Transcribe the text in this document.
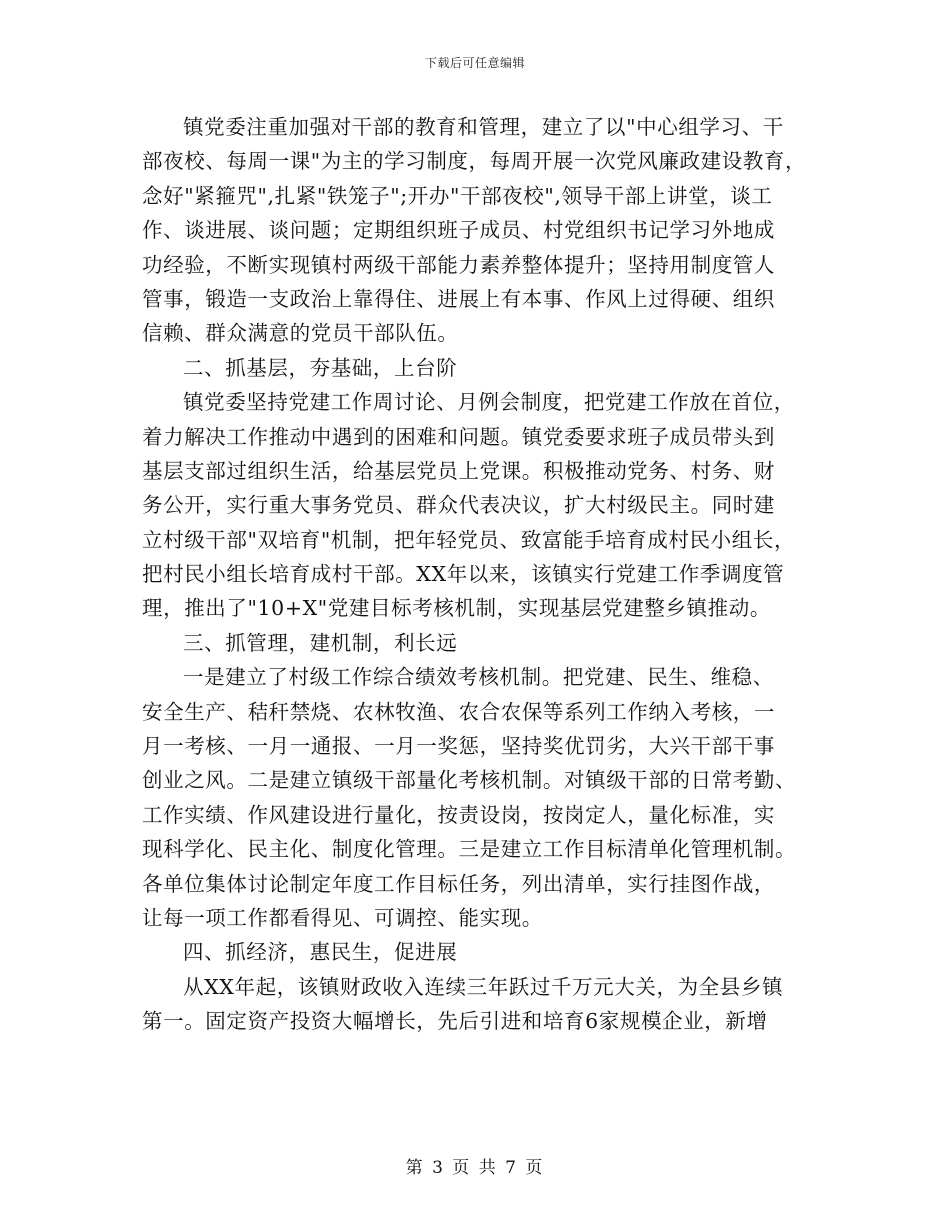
下载后可任意编辑
镇党委注重加强对干部的教育和管理，建立了以"中心组学习、干
部夜校、每周一课"为主的学习制度，每周开展一次党风廉政建设教育，
念好"紧箍咒",扎紧"铁笼子";开办"干部夜校",领导干部上讲堂，谈工
作、谈进展、谈问题；定期组织班子成员、村党组织书记学习外地成
功经验，不断实现镇村两级干部能力素养整体提升；坚持用制度管人
管事，锻造一支政治上靠得住、进展上有本事、作风上过得硬、组织
信赖、群众满意的党员干部队伍。
二、抓基层，夯基础，上台阶
镇党委坚持党建工作周讨论、月例会制度，把党建工作放在首位，
着力解决工作推动中遇到的困难和问题。镇党委要求班子成员带头到
基层支部过组织生活，给基层党员上党课。积极推动党务、村务、财
务公开，实行重大事务党员、群众代表决议，扩大村级民主。同时建
立村级干部"双培育"机制，把年轻党员、致富能手培育成村民小组长，
把村民小组长培育成村干部。XX年以来，该镇实行党建工作季调度管
理，推出了"10+X"党建目标考核机制，实现基层党建整乡镇推动。
三、抓管理，建机制，利长远
一是建立了村级工作综合绩效考核机制。把党建、民生、维稳、
安全生产、秸秆禁烧、农林牧渔、农合农保等系列工作纳入考核，一
月一考核、一月一通报、一月一奖惩，坚持奖优罚劣，大兴干部干事
创业之风。二是建立镇级干部量化考核机制。对镇级干部的日常考勤、
工作实绩、作风建设进行量化，按责设岗，按岗定人，量化标准，实
现科学化、民主化、制度化管理。三是建立工作目标清单化管理机制。
各单位集体讨论制定年度工作目标任务，列出清单，实行挂图作战，
让每一项工作都看得见、可调控、能实现。
四、抓经济，惠民生，促进展
从XX年起，该镇财政收入连续三年跃过千万元大关，为全县乡镇
第一。固定资产投资大幅增长，先后引进和培育6家规模企业，新增
第 3 页 共 7 页
